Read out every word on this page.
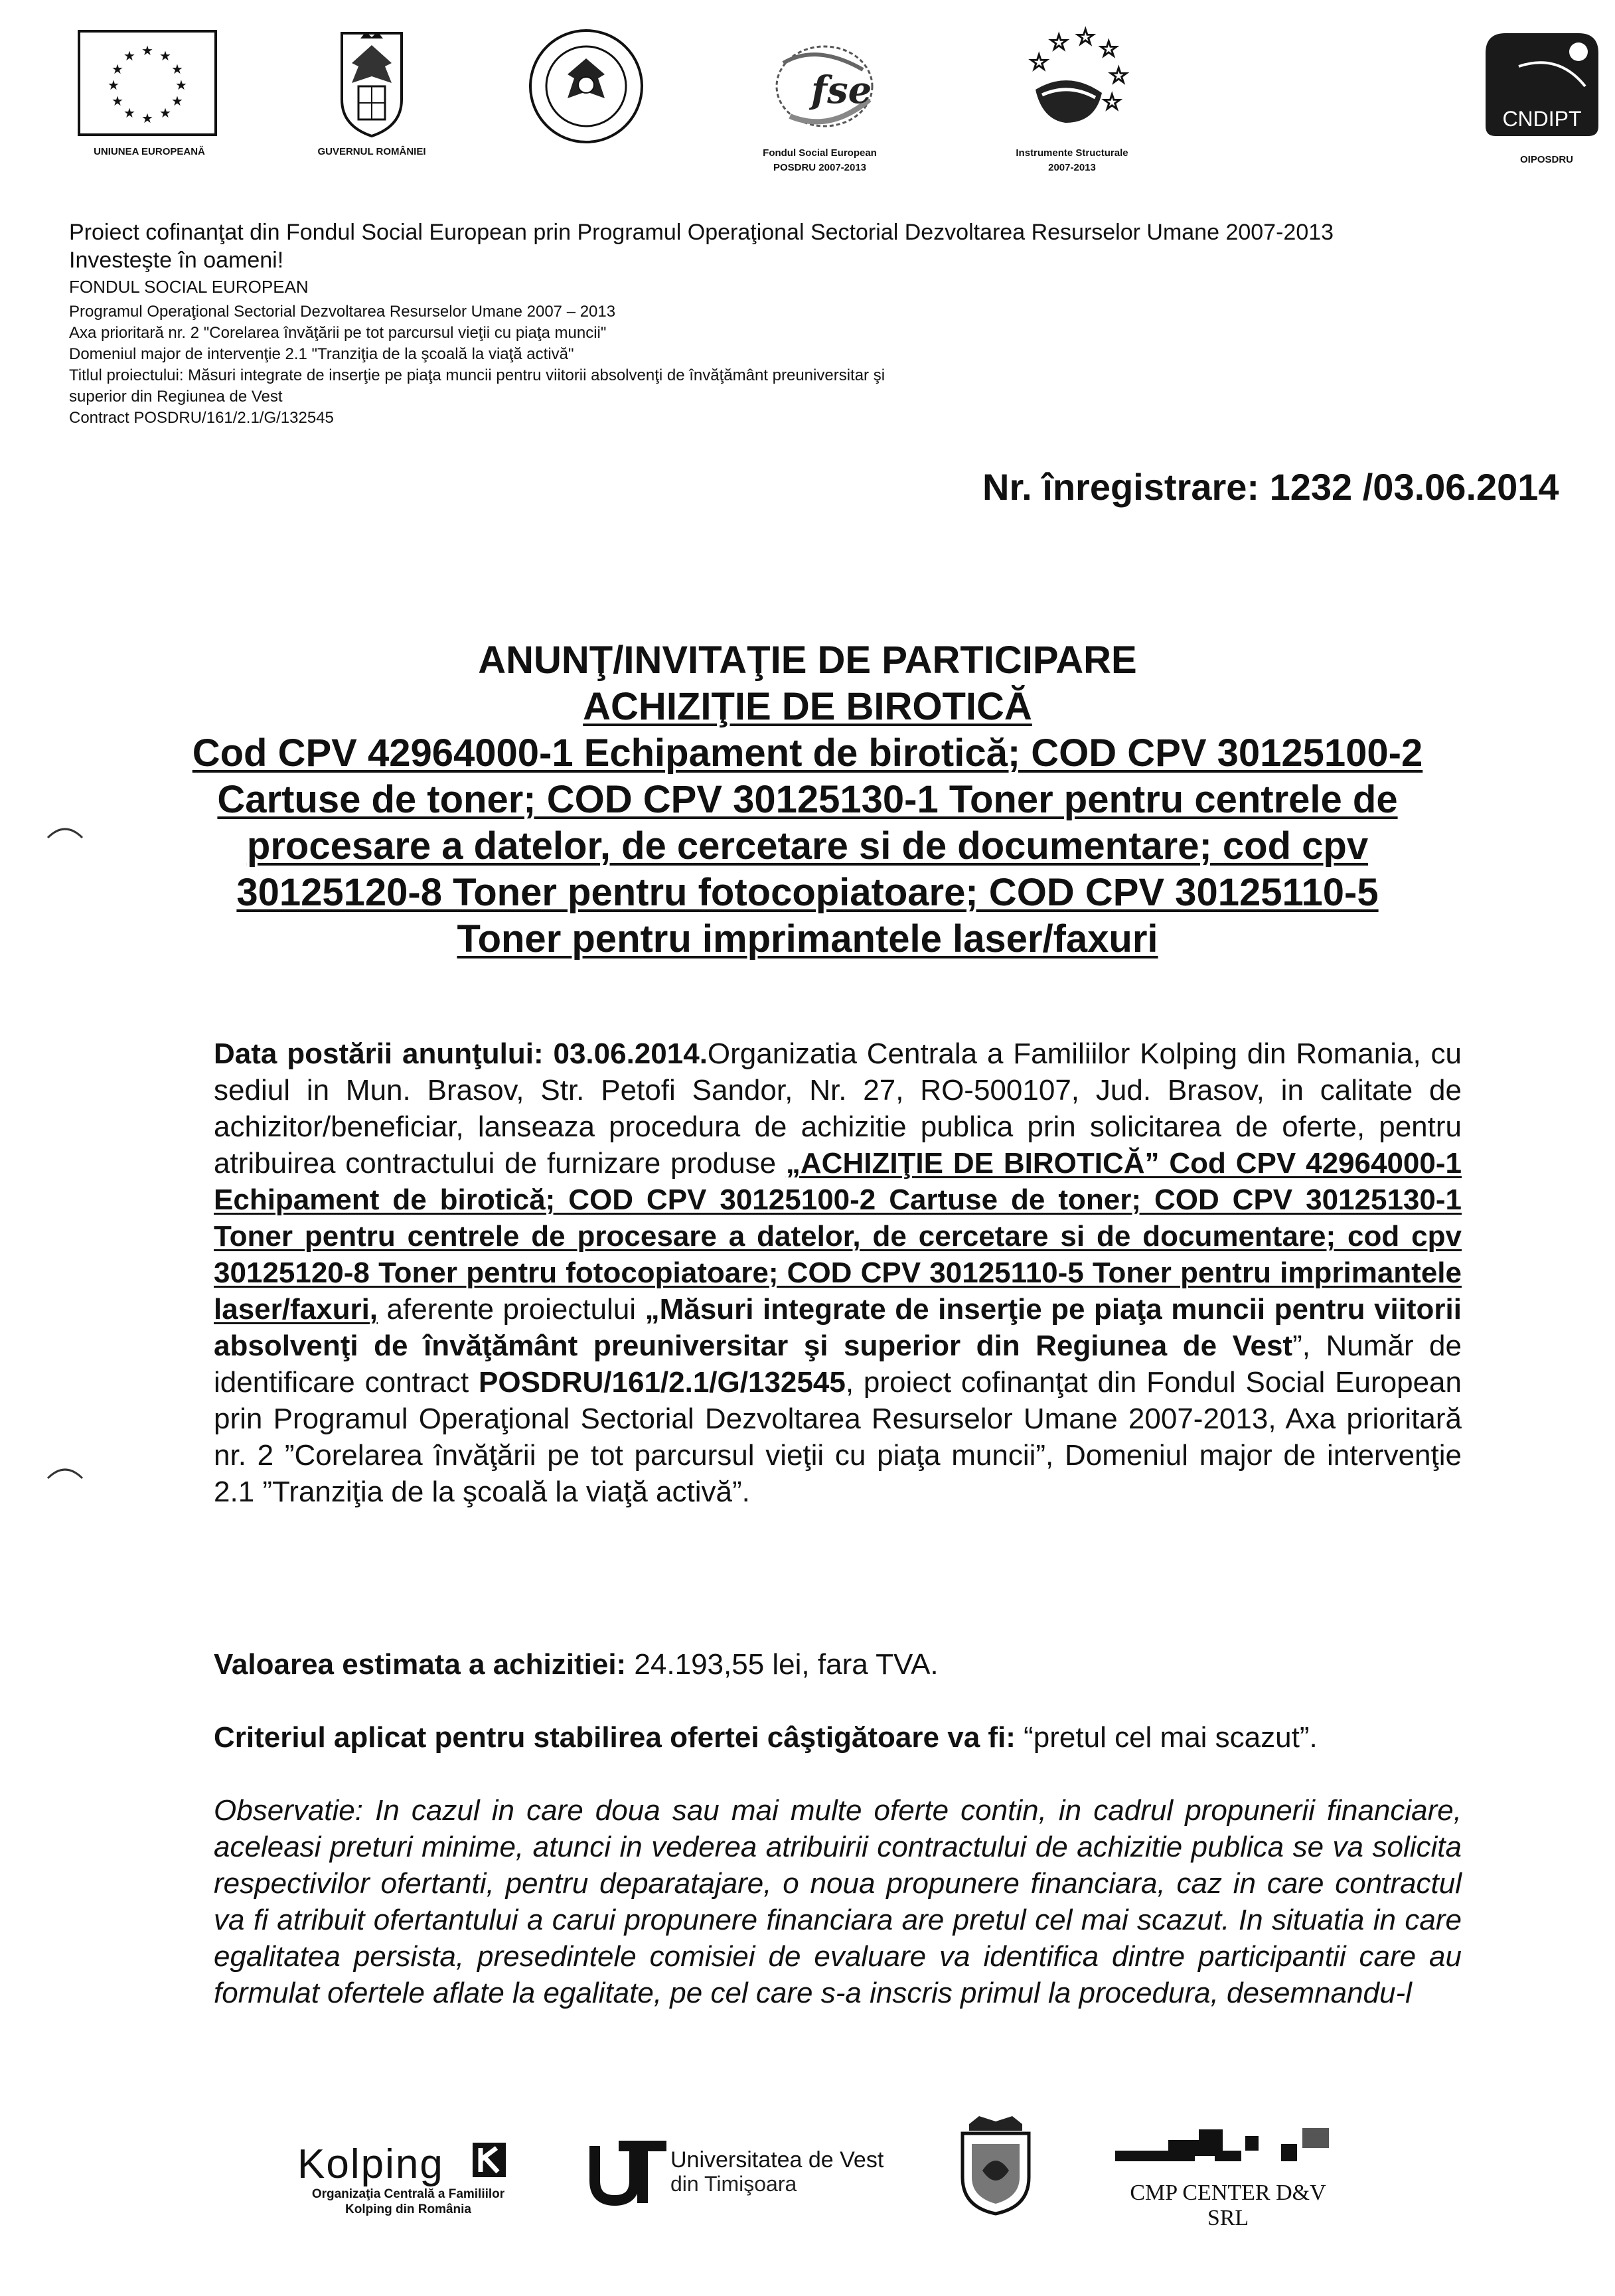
★ ★
★
★
★
★
★
★
★
★
★
★
UNIUNEA EUROPEANĂ	GUVERNUL ROMÂNIEI
fse
Fondul Social European
POSDRU 2007-2013
☆ ☆ ☆
☆
☆
☆
Instrumente Structurale
2007-2013
CNDIPT
OIPOSDRU
Proiect cofinanţat din Fondul Social European prin Programul Operaţional Sectorial Dezvoltarea Resurselor Umane 2007-2013
Investeşte în oameni!
FONDUL SOCIAL EUROPEAN
Programul Operaţional Sectorial Dezvoltarea Resurselor Umane 2007 – 2013
Axa prioritară nr. 2 "Corelarea învăţării pe tot parcursul vieţii cu piaţa muncii"
Domeniul major de intervenţie 2.1 "Tranziţia de la şcoală la viaţă activă"
Titlul proiectului: Măsuri integrate de inserţie pe piaţa muncii pentru viitorii absolvenţi de învăţământ preuniversitar şi
superior din Regiunea de Vest
Contract POSDRU/161/2.1/G/132545
Nr. înregistrare: 1232 /03.06.2014
ANUNŢ/INVITAŢIE DE PARTICIPARE
ACHIZIŢIE DE BIROTICĂ
Cod CPV 42964000-1 Echipament de birotică; COD CPV 30125100-2
Cartuse de toner; COD CPV 30125130-1 Toner pentru centrele de
procesare a datelor, de cercetare si de documentare; cod cpv
30125120-8 Toner pentru fotocopiatoare; COD CPV 30125110-5
Toner pentru imprimantele laser/faxuri
Data postării anunţului: 03.06.2014.Organizatia Centrala a Familiilor Kolping din Romania, cu sediul in Mun. Brasov, Str. Petofi Sandor, Nr. 27, RO-500107, Jud. Brasov, in calitate de achizitor/beneficiar, lanseaza procedura de achizitie publica prin solicitarea de oferte, pentru atribuirea contractului de furnizare produse „ACHIZIŢIE DE BIROTICĂ” Cod CPV 42964000-1 Echipament de birotică; COD CPV 30125100-2 Cartuse de toner; COD CPV 30125130-1 Toner pentru centrele de procesare a datelor, de cercetare si de documentare; cod cpv 30125120-8 Toner pentru fotocopiatoare; COD CPV 30125110-5 Toner pentru imprimantele laser/faxuri, aferente proiectului „Măsuri integrate de inserţie pe piaţa muncii pentru viitorii absolvenţi de învăţământ preuniversitar şi superior din Regiunea de Vest”, Număr de identificare contract POSDRU/161/2.1/G/132545, proiect cofinanţat din Fondul Social European prin Programul Operaţional Sectorial Dezvoltarea Resurselor Umane 2007-2013, Axa prioritară nr. 2 ”Corelarea învăţării pe tot parcursul vieţii cu piaţa muncii”, Domeniul major de intervenţie 2.1 ”Tranziţia de la şcoală la viaţă activă”.
Valoarea estimata a achizitiei: 24.193,55 lei, fara TVA.
Criteriul aplicat pentru stabilirea ofertei câştigătoare va fi: “pretul cel mai scazut”.
Observatie: In cazul in care doua sau mai multe oferte contin, in cadrul propunerii financiare, aceleasi preturi minime, atunci in vederea atribuirii contractului de achizitie publica se va solicita respectivilor ofertanti, pentru deparatajare, o noua propunere financiara, caz in care contractul va fi atribuit ofertantului a carui propunere financiara are pretul cel mai scazut. In situatia in care egalitatea persista, presedintele comisiei de evaluare va identifica dintre participantii care au formulat ofertele aflate la egalitate, pe cel care s-a inscris primul la procedura, desemnandu-l
Kolping
Organizaţia Centrală a Familiilor
Kolping din România
Universitatea de Vest
din Timişoara	CMP CENTER D&V SRL
